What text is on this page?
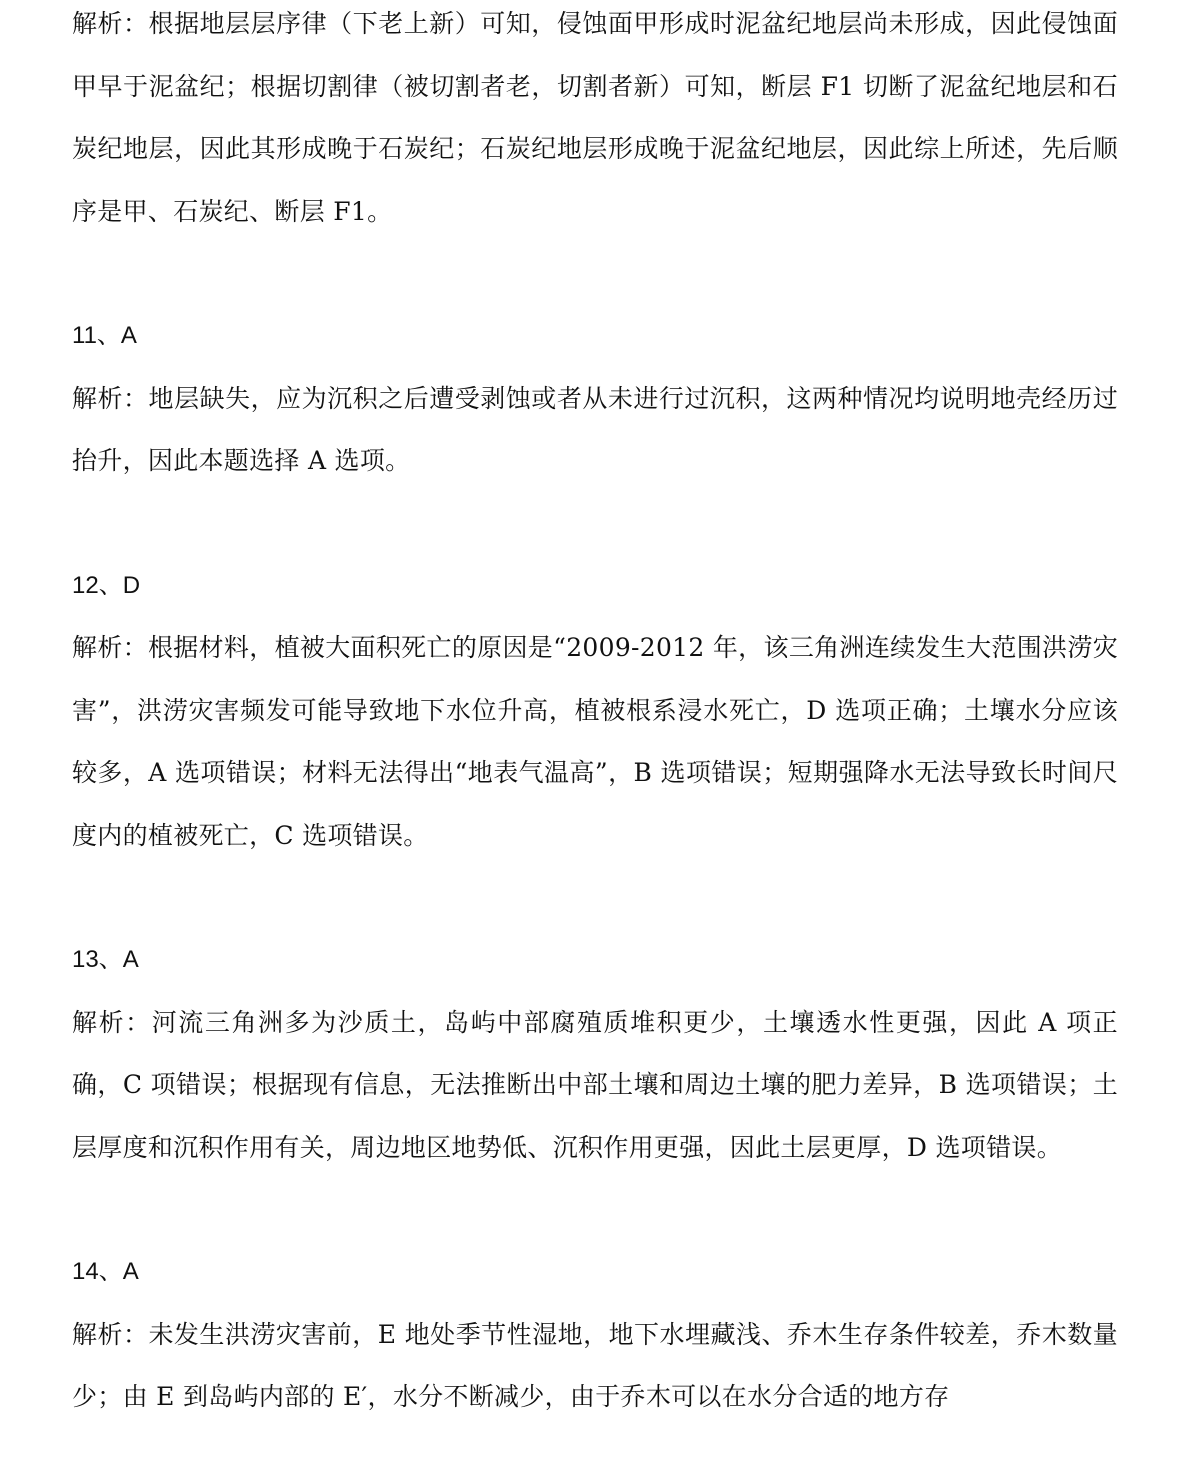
解析：根据地层层序律（下老上新）可知，侵蚀面甲形成时泥盆纪地层尚未形成，因此侵蚀面甲早于泥盆纪；根据切割律（被切割者老，切割者新）可知，断层 F1 切断了泥盆纪地层和石炭纪地层，因此其形成晚于石炭纪；石炭纪地层形成晚于泥盆纪地层，因此综上所述，先后顺序是甲、石炭纪、断层 F1。

11、A

解析：地层缺失，应为沉积之后遭受剥蚀或者从未进行过沉积，这两种情况均说明地壳经历过抬升，因此本题选择 A 选项。

12、D

解析：根据材料，植被大面积死亡的原因是“2009-2012 年，该三角洲连续发生大范围洪涝灾害”，洪涝灾害频发可能导致地下水位升高，植被根系浸水死亡，D 选项正确；土壤水分应该较多，A 选项错误；材料无法得出“地表气温高”，B 选项错误；短期强降水无法导致长时间尺度内的植被死亡，C 选项错误。

13、A

解析：河流三角洲多为沙质土，岛屿中部腐殖质堆积更少，土壤透水性更强，因此 A 项正确，C 项错误；根据现有信息，无法推断出中部土壤和周边土壤的肥力差异，B 选项错误；土层厚度和沉积作用有关，周边地区地势低、沉积作用更强，因此土层更厚，D 选项错误。

14、A

解析：未发生洪涝灾害前，E 地处季节性湿地，地下水埋藏浅、乔木生存条件较差，乔木数量少；由 E 到岛屿内部的 E′，水分不断减少，由于乔木可以在水分合适的地方存
